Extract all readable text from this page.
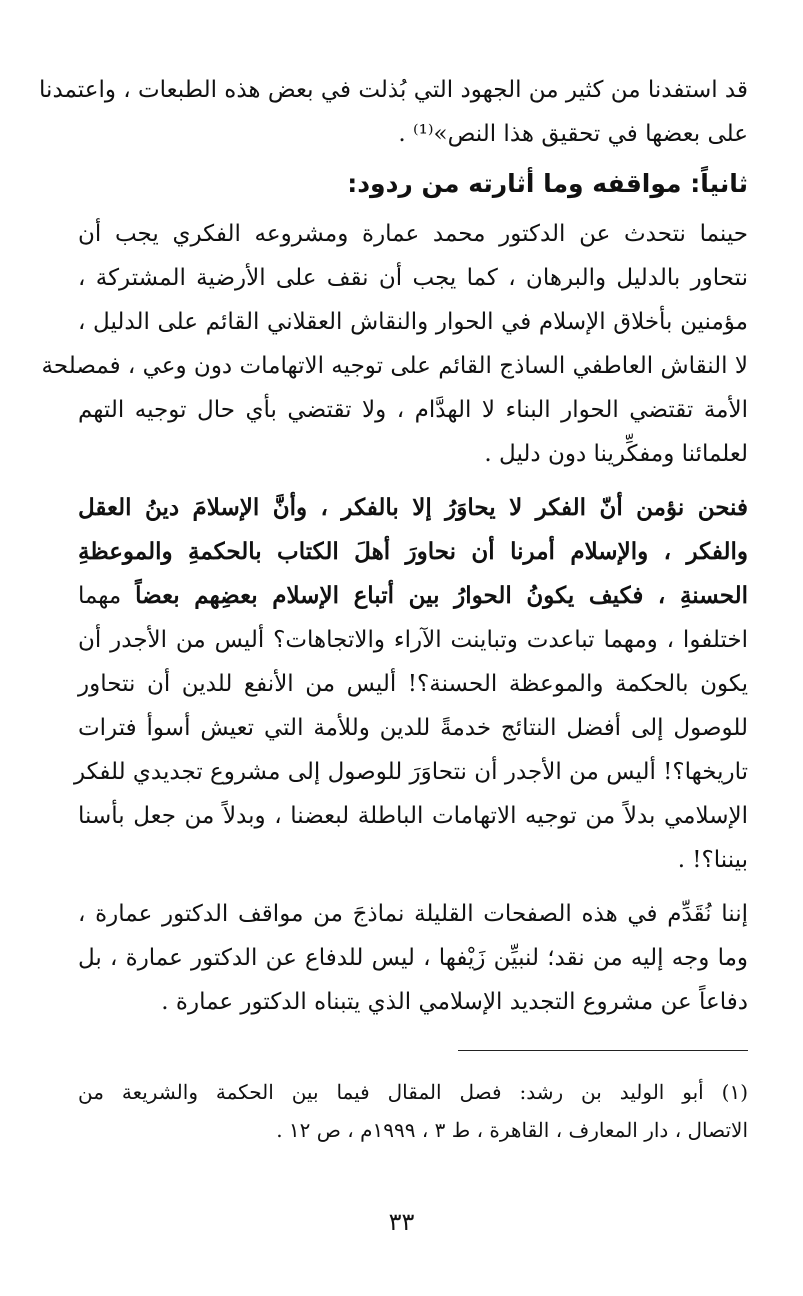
قد استفدنا من كثير من الجهود التي بُذلت في بعض هذه الطبعات ، واعتمدنا
على بعضها في تحقيق هذا النص»⁽¹⁾ .
ثانياً: مواقفه وما أثارته من ردود:
حينما نتحدث عن الدكتور محمد عمارة ومشروعه الفكري يجب أن
نتحاور بالدليل والبرهان ، كما يجب أن نقف على الأرضية المشتركة ،
مؤمنين بأخلاق الإسلام في الحوار والنقاش العقلاني القائم على الدليل ،
لا النقاش العاطفي الساذج القائم على توجيه الاتهامات دون وعي ، فمصلحة
الأمة تقتضي الحوار البناء لا الهدَّام ، ولا تقتضي بأي حال توجيه التهم
لعلمائنا ومفكِّرينا دون دليل .
فنحن نؤمن أنّ الفكر لا يحاوَرُ إلا بالفكر ، وأنَّ الإسلامَ دينُ العقل
والفكر ، والإسلام أمرنا أن نحاورَ أهلَ الكتاب بالحكمةِ والموعظةِ
الحسنةِ ، فكيف يكونُ الحوارُ بين أتباع الإسلام بعضِهم بعضاً مهما
اختلفوا ، ومهما تباعدت وتباينت الآراء والاتجاهات؟ أليس من الأجدر أن
يكون بالحكمة والموعظة الحسنة؟! أليس من الأنفع للدين أن نتحاور
للوصول إلى أفضل النتائج خدمةً للدين وللأمة التي تعيش أسوأ فترات
تاريخها؟! أليس من الأجدر أن نتحاوَرَ للوصول إلى مشروع تجديدي للفكر
الإسلامي بدلاً من توجيه الاتهامات الباطلة لبعضنا ، وبدلاً من جعل بأسنا
بيننا؟! .
إننا نُقَدِّم في هذه الصفحات القليلة نماذجَ من مواقف الدكتور عمارة ،
وما وجه إليه من نقد؛ لنبيِّن زَيْفها ، ليس للدفاع عن الدكتور عمارة ، بل
دفاعاً عن مشروع التجديد الإسلامي الذي يتبناه الدكتور عمارة .
(١) أبو الوليد بن رشد: فصل المقال فيما بين الحكمة والشريعة من
الاتصال ، دار المعارف ، القاهرة ، ط ٣ ، ١٩٩٩م ، ص ١٢ .
٣٣
